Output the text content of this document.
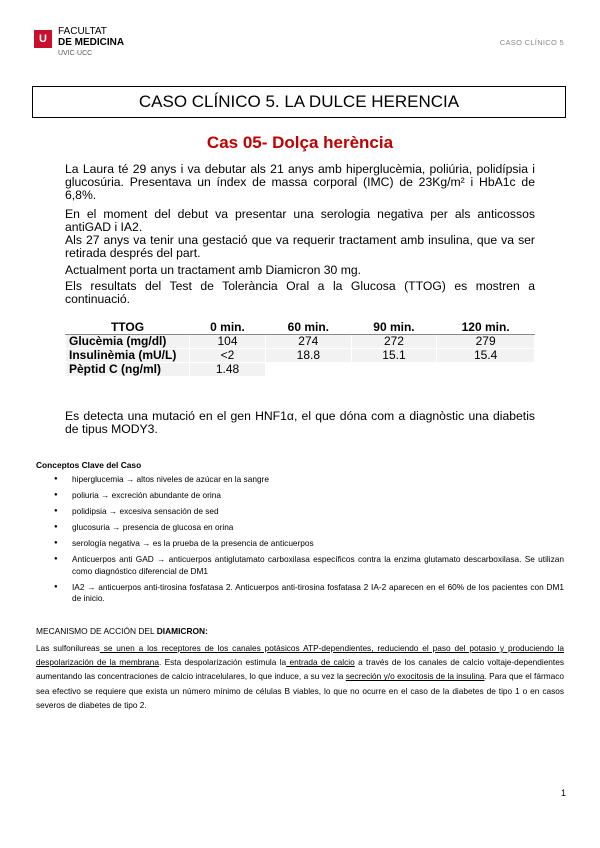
U
FACULTAT
DE MEDICINA
UVIC·UCC
CASO CLÍNICO 5
CASO CLÍNICO 5. LA DULCE HERENCIA
Cas 05- Dolça herència

La Laura té 29 anys i va debutar als 21 anys amb hiperglucèmia, poliúria, polidípsia i glucosúria. Presentava un índex de massa corporal (IMC) de 23Kg/m² i HbA1c de 6,8%.

En el moment del debut va presentar una serologia negativa per als anticossos antiGAD i IA2.

Als 27 anys va tenir una gestació que va requerir tractament amb insulina, que va ser retirada després del part.

Actualment porta un tractament amb Diamicron 30 mg.

Els resultats del Test de Tolerància Oral a la Glucosa (TTOG) es mostren a continuació.

TTOG	0 min.	60 min.	90 min.	120 min.
Glucèmia (mg/dl)	104	274	272	279
Insulinèmia (mU/L)	<2	18.8	15.1	15.4
Pèptid C (ng/ml)	1.48			

Es detecta una mutació en el gen HNF1α, el que dóna com a diagnòstic una diabetis de tipus MODY3.

Conceptos Clave del Caso
● hiperglucemia → altos niveles de azúcar en la sangre
● poliuria → excreción abundante de orina
● polidipsia → excesiva sensación de sed
● glucosuria → presencia de glucosa en orina
● serología negativa → es la prueba de la presencia de anticuerpos
● Anticuerpos anti GAD → anticuerpos antiglutamato carboxilasa específicos contra la enzima glutamato descarboxilasa. Se utilizan como diagnóstico diferencial de DM1
● IA2 → anticuerpos anti-tirosina fosfatasa 2. Anticuerpos anti-tirosina fosfatasa 2 IA-2 aparecen en el 60% de los pacientes con DM1 de inicio.
MECANISMO DE ACCIÓN DEL DIAMICRON:

Las sulfonilureas se unen a los receptores de los canales potásicos ATP-dependientes, reduciendo el paso del potasio y produciendo la despolarización de la membrana. Esta despolarización estimula la entrada de calcio a través de los canales de calcio voltaje-dependientes aumentando las concentraciones de calcio intracelulares, lo que induce, a su vez la secreción y/o exocitosis de la insulina. Para que el fármaco sea efectivo se requiere que exista un número mínimo de células B viables, lo que no ocurre en el caso de la diabetes de tipo 1 o en casos severos de diabetes de tipo 2.

1
